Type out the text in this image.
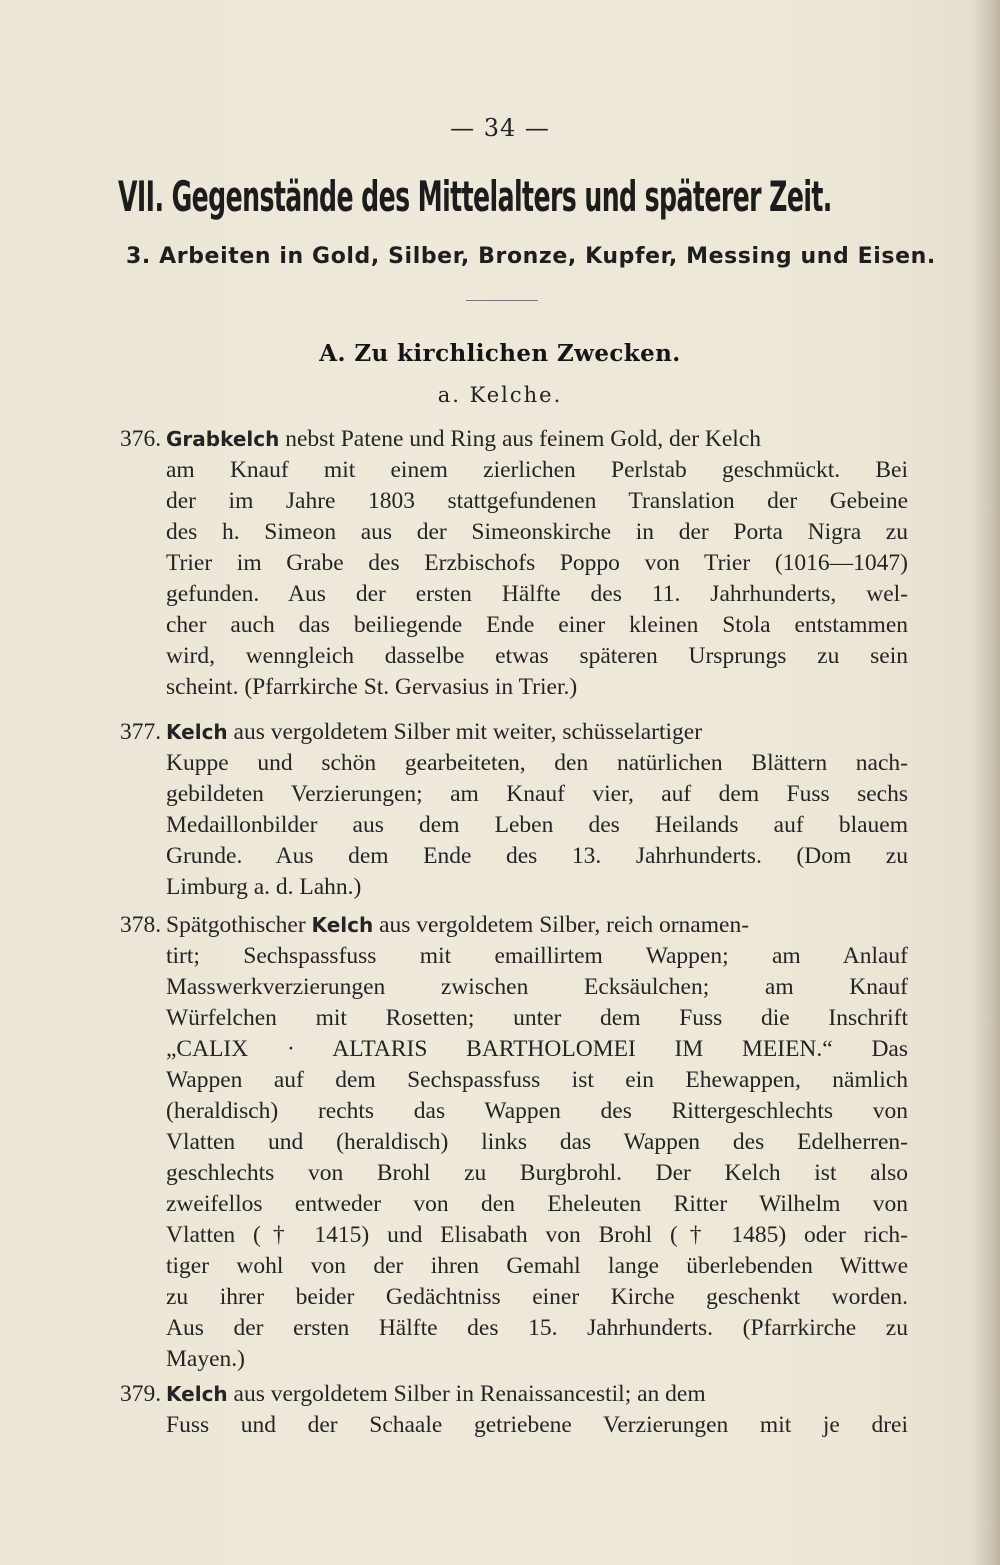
— 34 —
VII. Gegenstände des Mittelalters und späterer Zeit.
3. Arbeiten in Gold, Silber, Bronze, Kupfer, Messing und Eisen.
A. Zu kirchlichen Zwecken.
a. Kelche.
376. Grabkelch nebst Patene und Ring aus feinem Gold, der Kelch
am Knauf mit einem zierlichen Perlstab geschmückt. Bei
der im Jahre 1803 stattgefundenen Translation der Gebeine
des h. Simeon aus der Simeonskirche in der Porta Nigra zu
Trier im Grabe des Erzbischofs Poppo von Trier (1016—1047)
gefunden. Aus der ersten Hälfte des 11. Jahrhunderts, wel-
cher auch das beiliegende Ende einer kleinen Stola entstammen
wird, wenngleich dasselbe etwas späteren Ursprungs zu sein
scheint. (Pfarrkirche St. Gervasius in Trier.)
377. Kelch aus vergoldetem Silber mit weiter, schüsselartiger
Kuppe und schön gearbeiteten, den natürlichen Blättern nach-
gebildeten Verzierungen; am Knauf vier, auf dem Fuss sechs
Medaillonbilder aus dem Leben des Heilands auf blauem
Grunde. Aus dem Ende des 13. Jahrhunderts. (Dom zu
Limburg a. d. Lahn.)
378. Spätgothischer Kelch aus vergoldetem Silber, reich ornamen-
tirt; Sechspassfuss mit emaillirtem Wappen; am Anlauf
Masswerkverzierungen zwischen Ecksäulchen; am Knauf
Würfelchen mit Rosetten; unter dem Fuss die Inschrift
„CALIX · ALTARIS BARTHOLOMEI IM MEIEN.“ Das
Wappen auf dem Sechspassfuss ist ein Ehewappen, nämlich
(heraldisch) rechts das Wappen des Rittergeschlechts von
Vlatten und (heraldisch) links das Wappen des Edelherren-
geschlechts von Brohl zu Burgbrohl. Der Kelch ist also
zweifellos entweder von den Eheleuten Ritter Wilhelm von
Vlatten († 1415) und Elisabath von Brohl († 1485) oder rich-
tiger wohl von der ihren Gemahl lange überlebenden Wittwe
zu ihrer beider Gedächtniss einer Kirche geschenkt worden.
Aus der ersten Hälfte des 15. Jahrhunderts. (Pfarrkirche zu
Mayen.)
379. Kelch aus vergoldetem Silber in Renaissancestil; an dem
Fuss und der Schaale getriebene Verzierungen mit je drei
